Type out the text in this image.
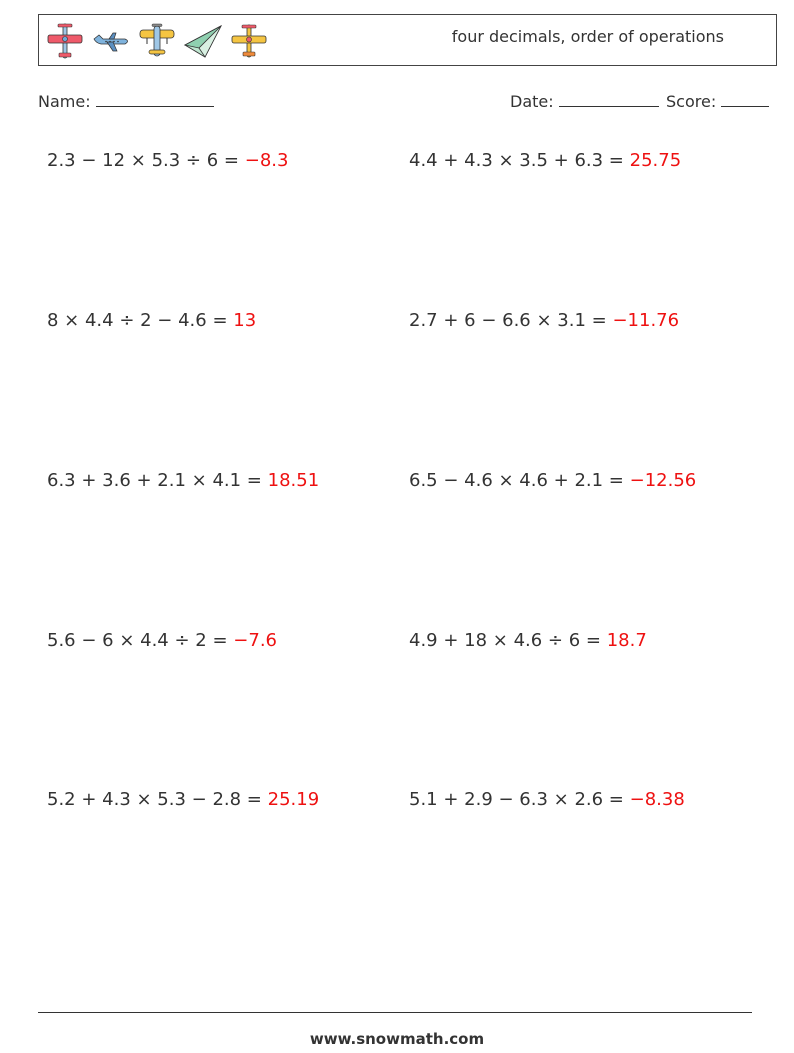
four decimals, order of operations
Name:	Date:	Score:
2.3 − 12 × 5.3 ÷ 6 = −8.3	4.4 + 4.3 × 3.5 + 6.3 = 25.75
8 × 4.4 ÷ 2 − 4.6 = 13	2.7 + 6 − 6.6 × 3.1 = −11.76
6.3 + 3.6 + 2.1 × 4.1 = 18.51	6.5 − 4.6 × 4.6 + 2.1 = −12.56
5.6 − 6 × 4.4 ÷ 2 = −7.6	4.9 + 18 × 4.6 ÷ 6 = 18.7
5.2 + 4.3 × 5.3 − 2.8 = 25.19	5.1 + 2.9 − 6.3 × 2.6 = −8.38
www.snowmath.com
